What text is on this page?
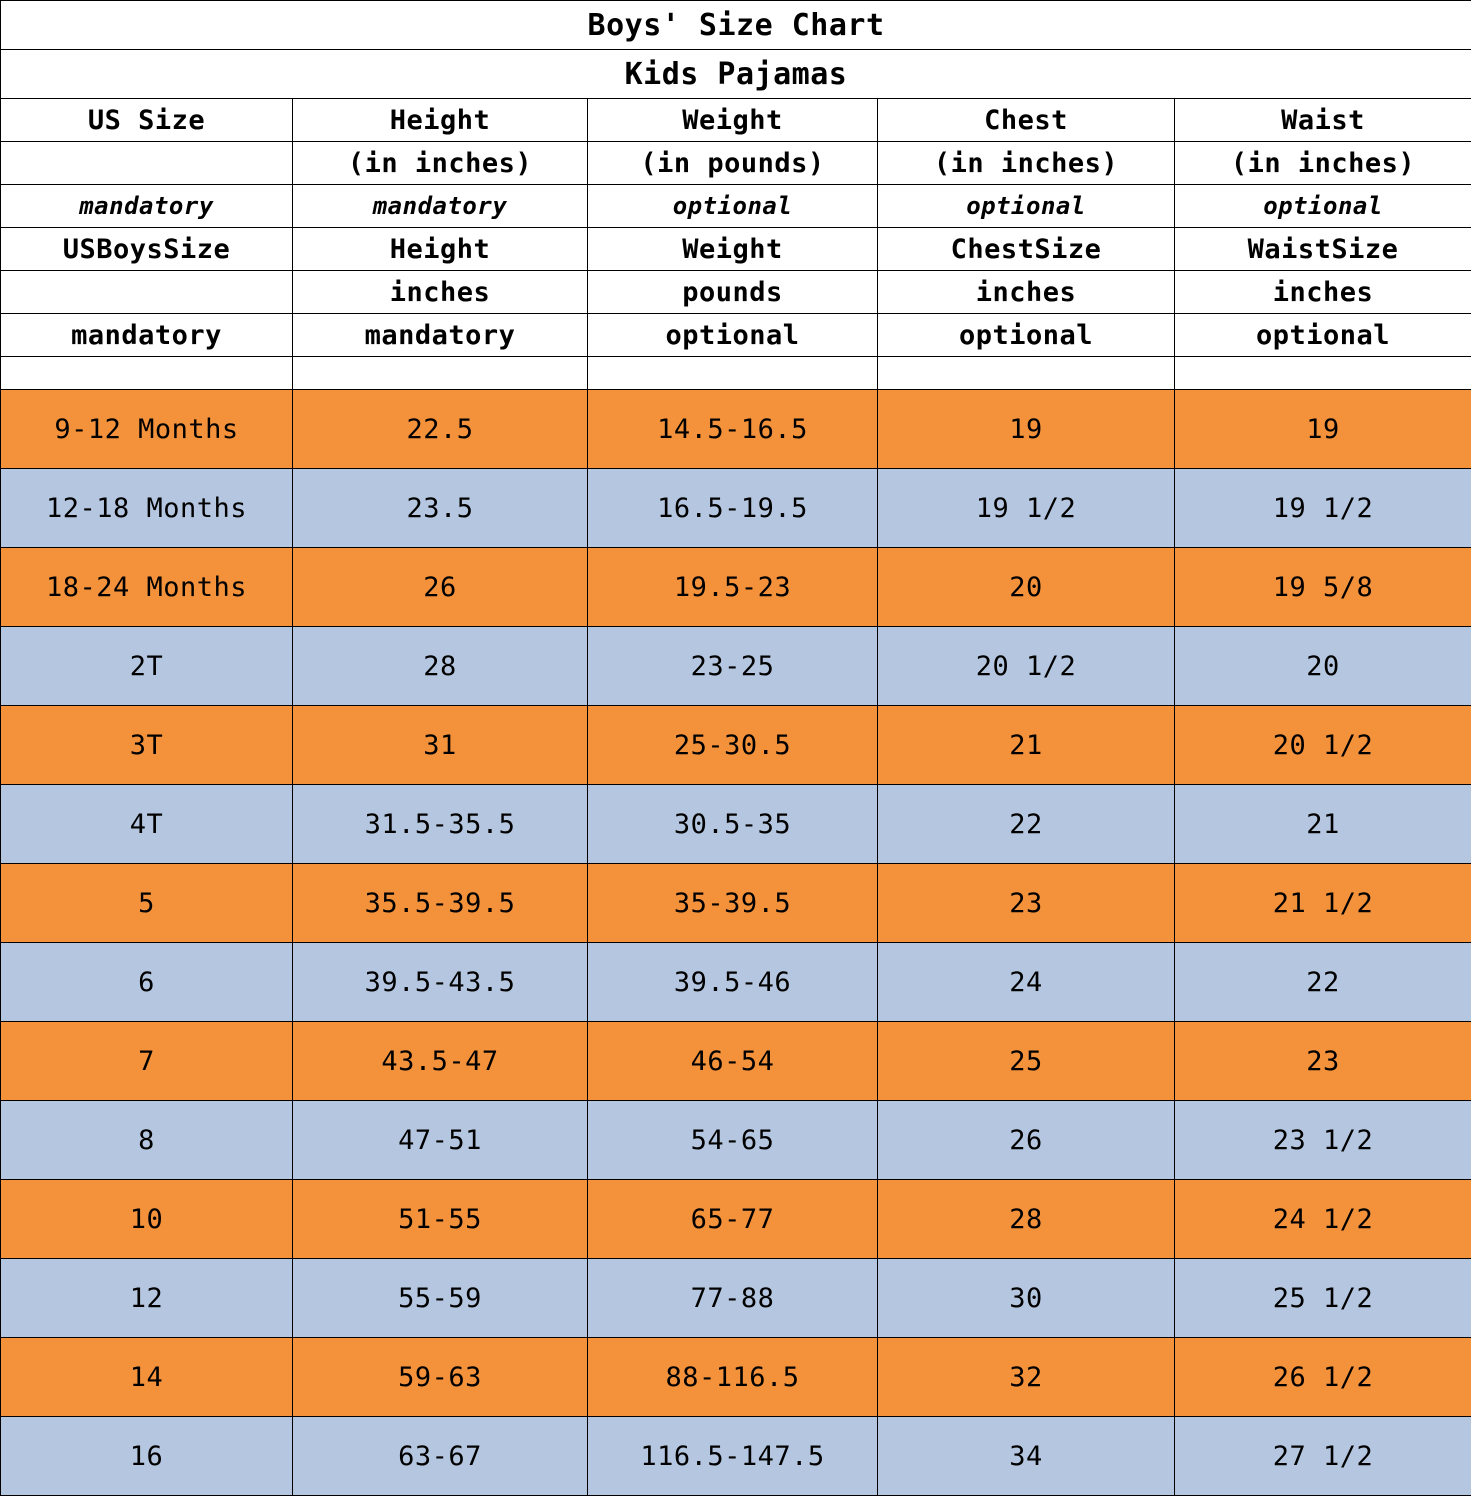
Boys' Size Chart				
Kids Pajamas				
US Size	Height	Weight	Chest	Waist
	(in inches)	(in pounds)	(in inches)	(in inches)
mandatory	mandatory	optional	optional	optional
USBoysSize	Height	Weight	ChestSize	WaistSize
	inches	pounds	inches	inches
mandatory	mandatory	optional	optional	optional

9-12 Months	22.5	14.5-16.5	19	19
12-18 Months	23.5	16.5-19.5	19 1/2	19 1/2
18-24 Months	26	19.5-23	20	19 5/8
2T	28	23-25	20 1/2	20
3T	31	25-30.5	21	20 1/2
4T	31.5-35.5	30.5-35	22	21
5	35.5-39.5	35-39.5	23	21 1/2
6	39.5-43.5	39.5-46	24	22
7	43.5-47	46-54	25	23
8	47-51	54-65	26	23 1/2
10	51-55	65-77	28	24 1/2
12	55-59	77-88	30	25 1/2
14	59-63	88-116.5	32	26 1/2
16	63-67	116.5-147.5	34	27 1/2
